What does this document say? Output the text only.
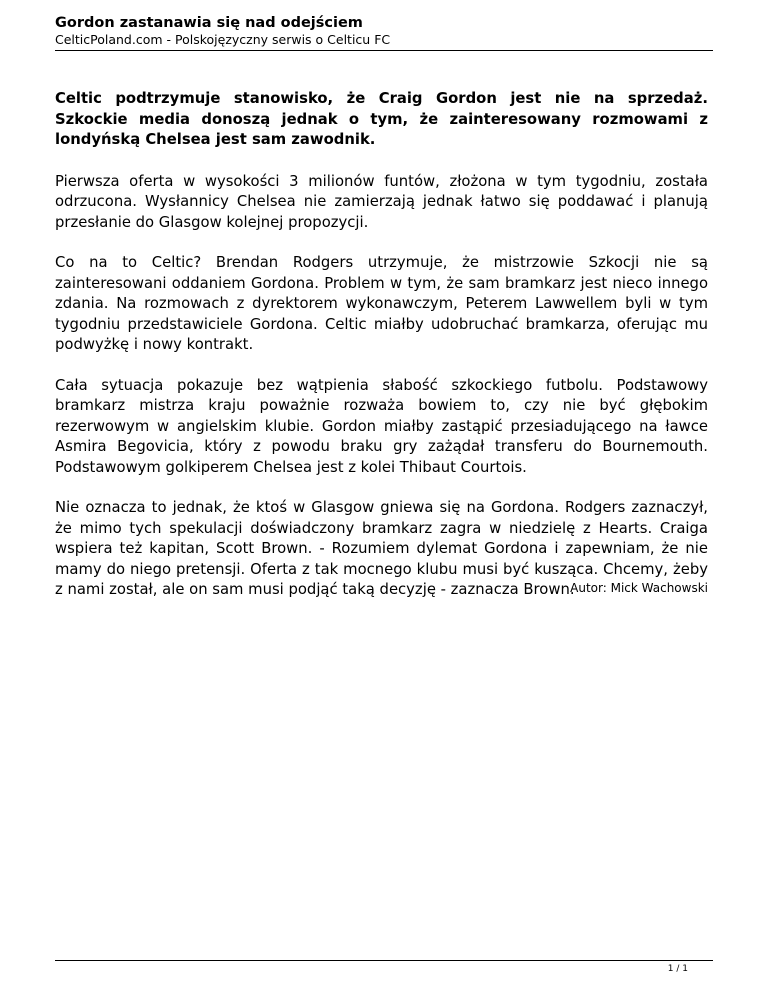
Gordon zastanawia się nad odejściem
CelticPoland.com - Polskojęzyczny serwis o Celticu FC

Celtic podtrzymuje stanowisko, że Craig Gordon jest nie na sprzedaż. Szkockie media donoszą jednak o tym, że zainteresowany rozmowami z londyńską Chelsea jest sam zawodnik.

Pierwsza oferta w wysokości 3 milionów funtów, złożona w tym tygodniu, została odrzucona. Wysłannicy Chelsea nie zamierzają jednak łatwo się poddawać i planują przesłanie do Glasgow kolejnej propozycji.

Co na to Celtic? Brendan Rodgers utrzymuje, że mistrzowie Szkocji nie są zainteresowani oddaniem Gordona. Problem w tym, że sam bramkarz jest nieco innego zdania. Na rozmowach z dyrektorem wykonawczym, Peterem Lawwellem byli w tym tygodniu przedstawiciele Gordona. Celtic miałby udobruchać bramkarza, oferując mu podwyżkę i nowy kontrakt.

Cała sytuacja pokazuje bez wątpienia słabość szkockiego futbolu. Podstawowy bramkarz mistrza kraju poważnie rozważa bowiem to, czy nie być głębokim rezerwowym w angielskim klubie. Gordon miałby zastąpić przesiadującego na ławce Asmira Begovicia, który z powodu braku gry zażądał transferu do Bournemouth. Podstawowym golkiperem Chelsea jest z kolei Thibaut Courtois.

Nie oznacza to jednak, że ktoś w Glasgow gniewa się na Gordona. Rodgers zaznaczył, że mimo tych spekulacji doświadczony bramkarz zagra w niedzielę z Hearts. Craiga wspiera też kapitan, Scott Brown. - Rozumiem dylemat Gordona i zapewniam, że nie mamy do niego pretensji. Oferta z tak mocnego klubu musi być kusząca. Chcemy, żeby z nami został, ale on sam musi podjąć taką decyzję - zaznacza Brown.

Autor: Mick Wachowski
1 / 1
